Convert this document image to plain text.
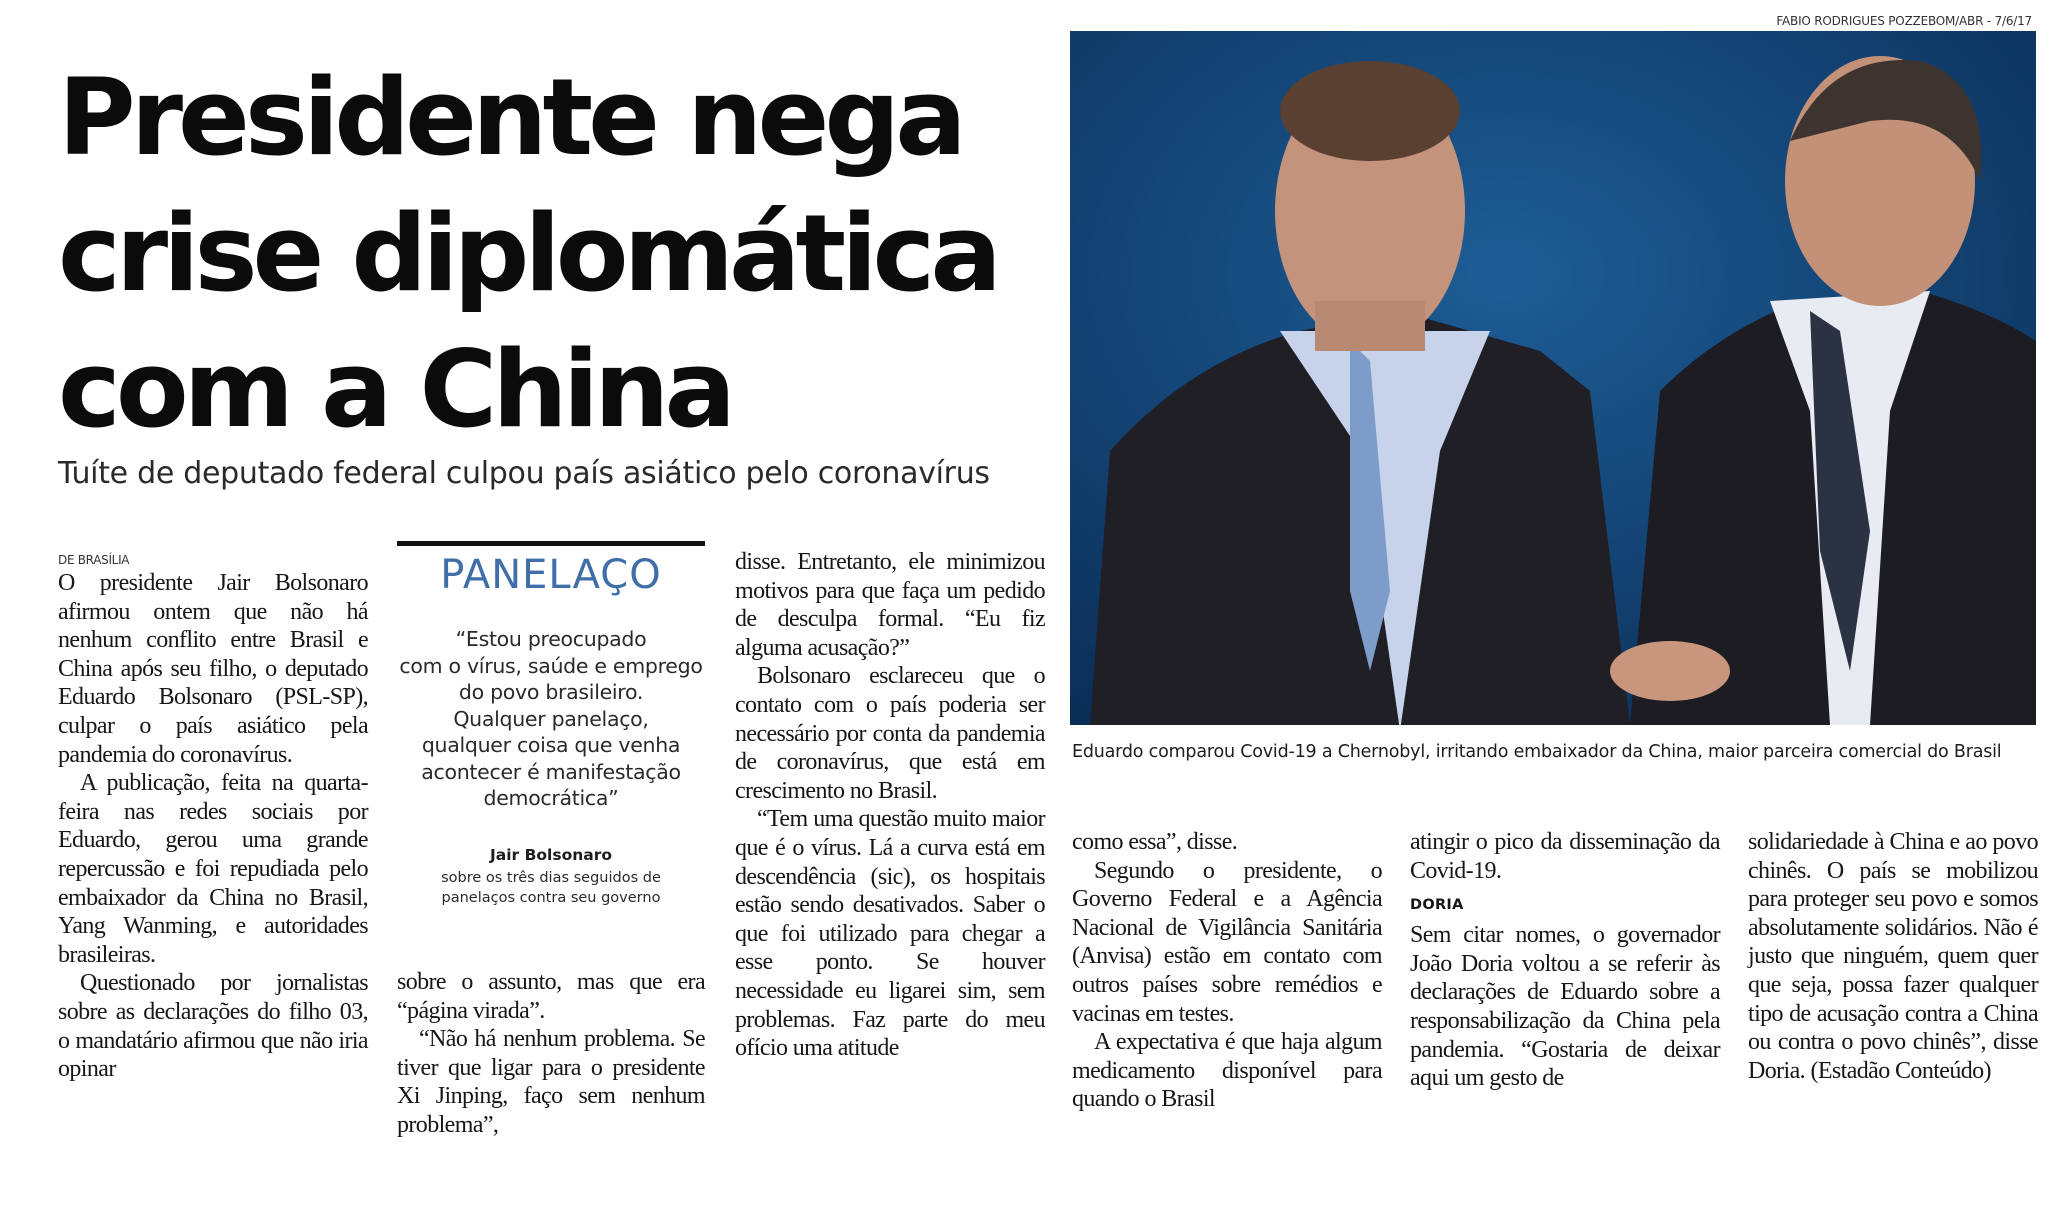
Presidente nega
crise diplomática
com a China

Tuíte de deputado federal culpou país asiático pelo coronavírus

FABIO RODRIGUES POZZEBOM/ABR - 7/6/17
Eduardo comparou Covid-19 a Chernobyl, irritando embaixador da China, maior parceira comercial do Brasil
DE BRASÍLIA

O presidente Jair Bolsonaro afirmou ontem que não há nenhum conflito entre Brasil e China após seu filho, o deputado Eduardo Bolsonaro (PSL-SP), culpar o país asiático pela pandemia do coronavírus.

A publicação, feita na quarta-feira nas redes sociais por Eduardo, gerou uma grande repercussão e foi repudiada pelo embaixador da China no Brasil, Yang Wanming, e autoridades brasileiras.

Questionado por jornalistas sobre as declarações do filho 03, o mandatário afirmou que não iria opinar

PANELAÇO
“Estou preocupado
com o vírus, saúde e emprego
do povo brasileiro.
Qualquer panelaço,
qualquer coisa que venha
acontecer é manifestação
democrática”
Jair Bolsonaro
sobre os três dias seguidos de
panelaços contra seu governo

sobre o assunto, mas que era “página virada”.

“Não há nenhum problema. Se tiver que ligar para o presidente Xi Jinping, faço sem nenhum problema”,

disse. Entretanto, ele minimizou motivos para que faça um pedido de desculpa formal. “Eu fiz alguma acusação?”

Bolsonaro esclareceu que o contato com o país poderia ser necessário por conta da pandemia de coronavírus, que está em crescimento no Brasil.

“Tem uma questão muito maior que é o vírus. Lá a curva está em descendência (sic), os hospitais estão sendo desativados. Saber o que foi utilizado para chegar a esse ponto. Se houver necessidade eu ligarei sim, sem problemas. Faz parte do meu ofício uma atitude

como essa”, disse.

Segundo o presidente, o Governo Federal e a Agência Nacional de Vigilância Sanitária (Anvisa) estão em contato com outros países sobre remédios e vacinas em testes.

A expectativa é que haja algum medicamento disponível para quando o Brasil

atingir o pico da disseminação da Covid-19.

DORIA

Sem citar nomes, o governador João Doria voltou a se referir às declarações de Eduardo sobre a responsabilização da China pela pandemia. “Gostaria de deixar aqui um gesto de

solidariedade à China e ao povo chinês. O país se mobilizou para proteger seu povo e somos absolutamente solidários. Não é justo que ninguém, quem quer que seja, possa fazer qualquer tipo de acusação contra a China ou contra o povo chinês”, disse Doria. (Estadão Conteúdo)
